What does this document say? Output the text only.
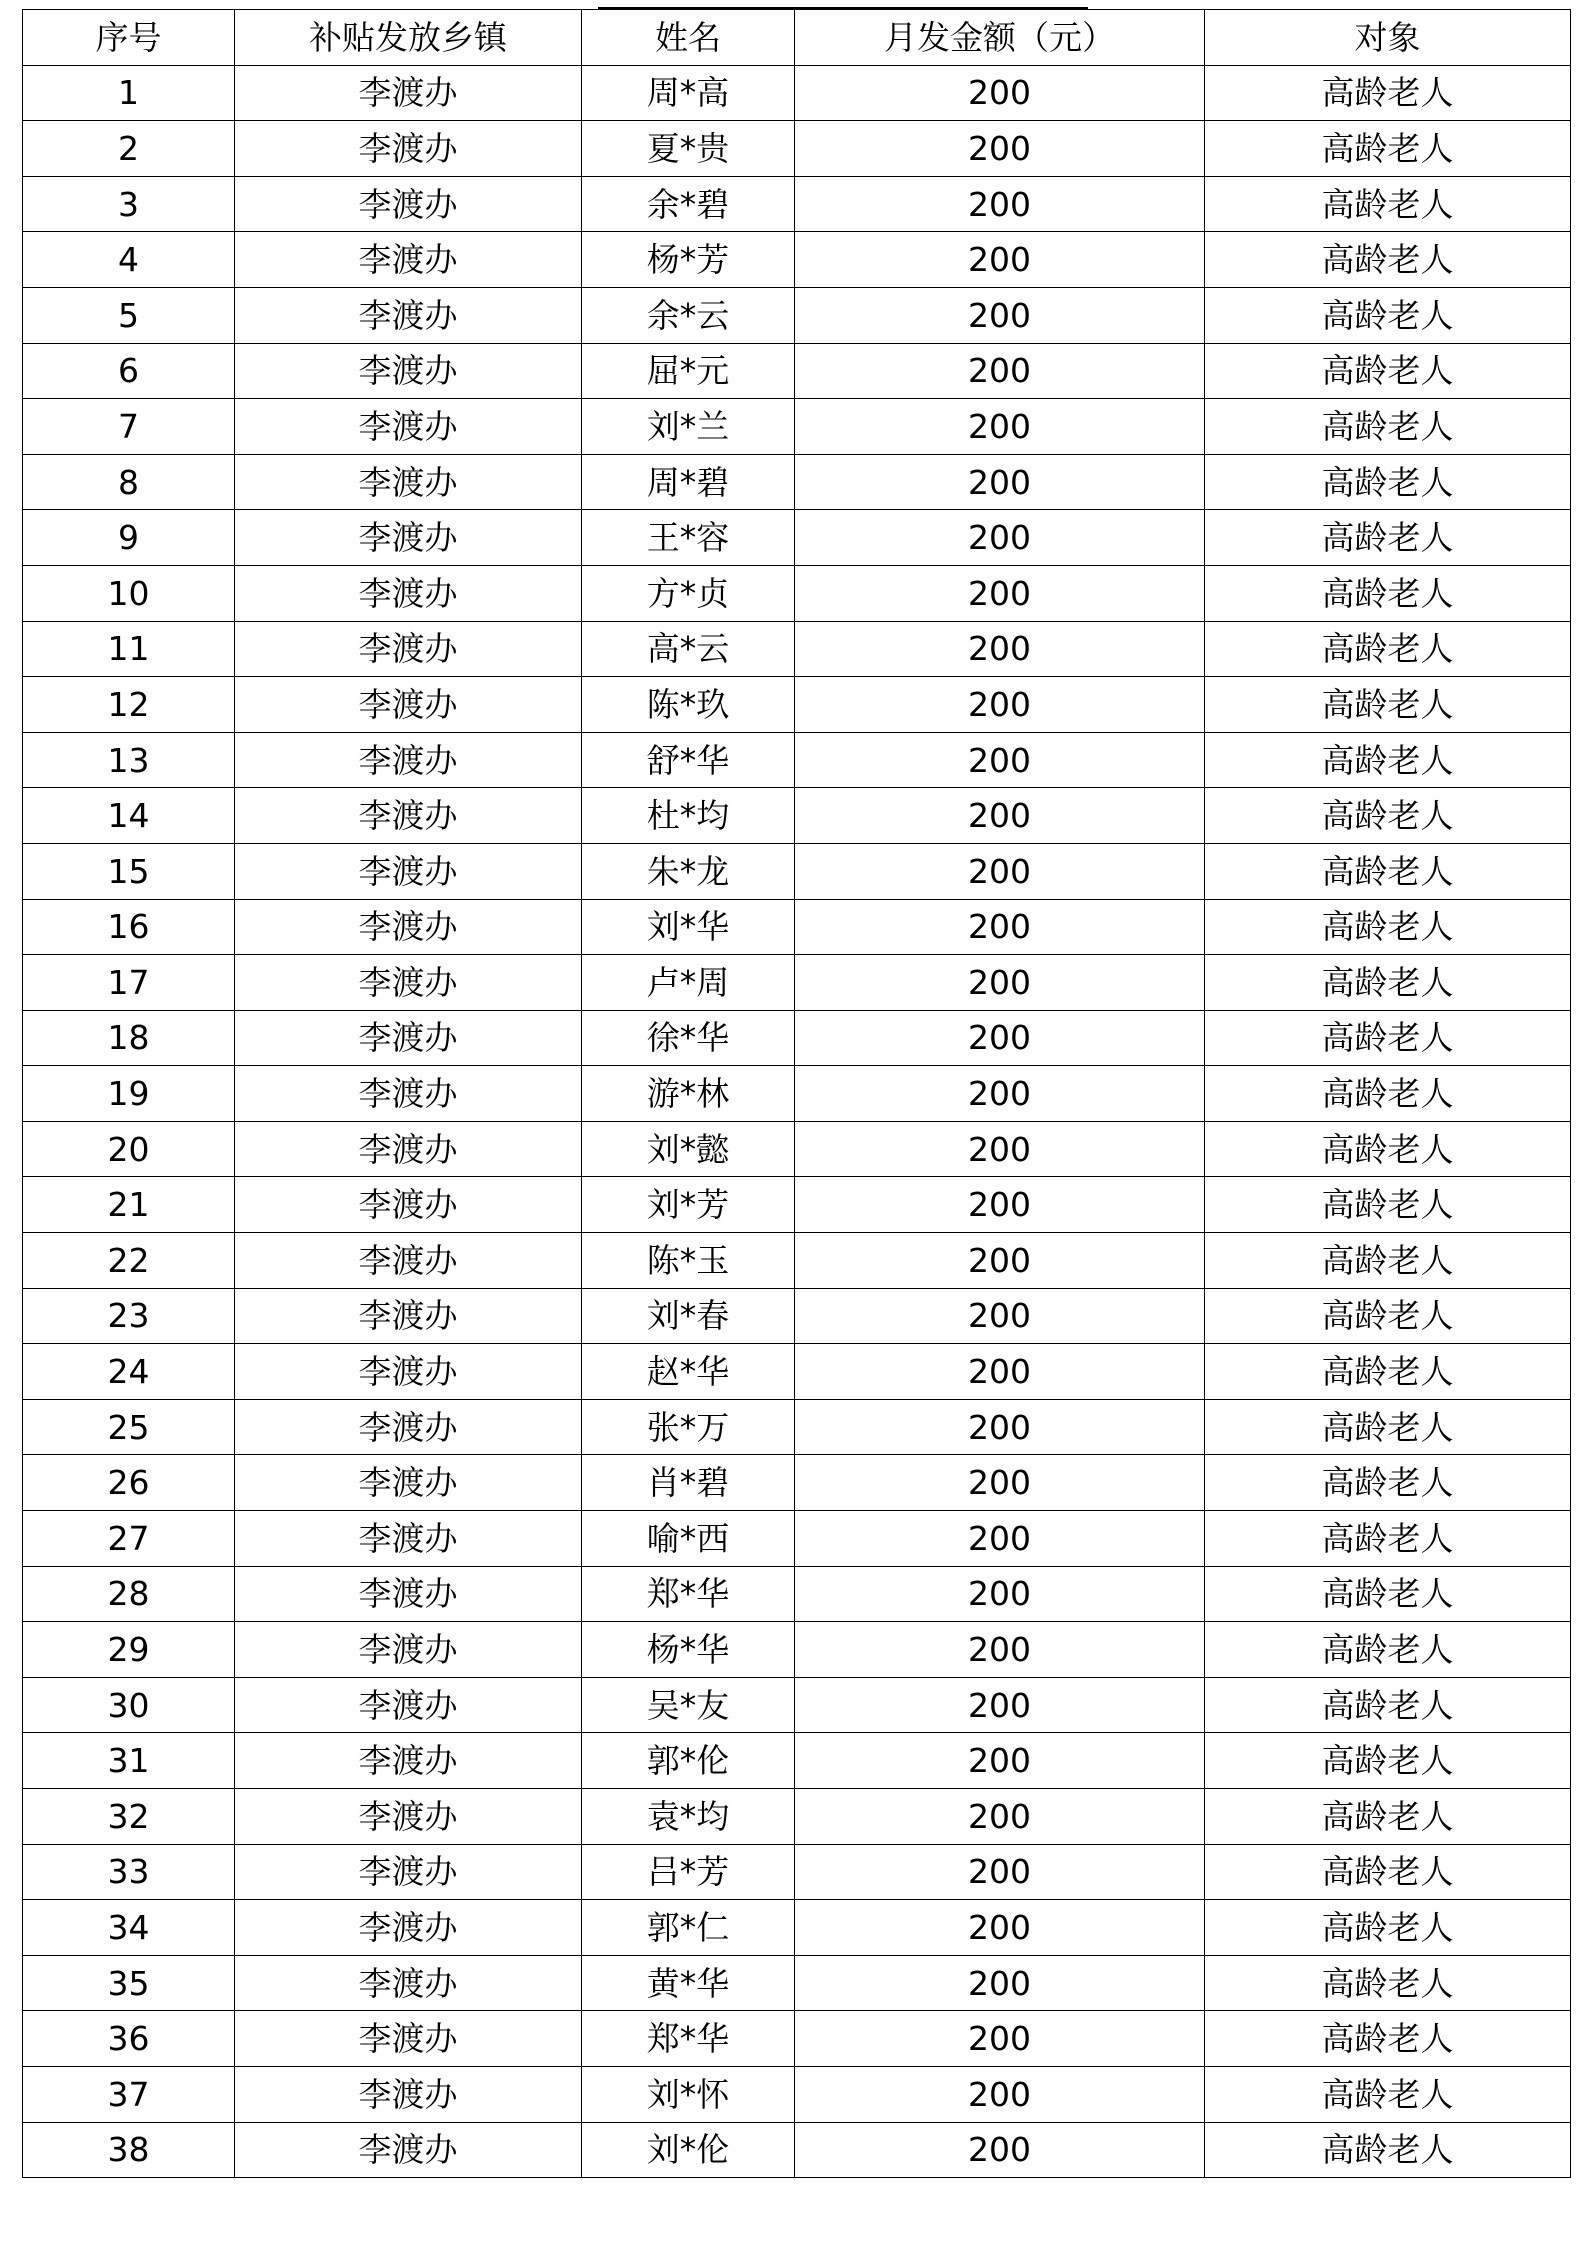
序号	补贴发放乡镇	姓名	月发金额（元）	对象
1	李渡办	周*高	200	高龄老人
2	李渡办	夏*贵	200	高龄老人
3	李渡办	余*碧	200	高龄老人
4	李渡办	杨*芳	200	高龄老人
5	李渡办	余*云	200	高龄老人
6	李渡办	屈*元	200	高龄老人
7	李渡办	刘*兰	200	高龄老人
8	李渡办	周*碧	200	高龄老人
9	李渡办	王*容	200	高龄老人
10	李渡办	方*贞	200	高龄老人
11	李渡办	高*云	200	高龄老人
12	李渡办	陈*玖	200	高龄老人
13	李渡办	舒*华	200	高龄老人
14	李渡办	杜*均	200	高龄老人
15	李渡办	朱*龙	200	高龄老人
16	李渡办	刘*华	200	高龄老人
17	李渡办	卢*周	200	高龄老人
18	李渡办	徐*华	200	高龄老人
19	李渡办	游*林	200	高龄老人
20	李渡办	刘*懿	200	高龄老人
21	李渡办	刘*芳	200	高龄老人
22	李渡办	陈*玉	200	高龄老人
23	李渡办	刘*春	200	高龄老人
24	李渡办	赵*华	200	高龄老人
25	李渡办	张*万	200	高龄老人
26	李渡办	肖*碧	200	高龄老人
27	李渡办	喻*西	200	高龄老人
28	李渡办	郑*华	200	高龄老人
29	李渡办	杨*华	200	高龄老人
30	李渡办	吴*友	200	高龄老人
31	李渡办	郭*伦	200	高龄老人
32	李渡办	袁*均	200	高龄老人
33	李渡办	吕*芳	200	高龄老人
34	李渡办	郭*仁	200	高龄老人
35	李渡办	黄*华	200	高龄老人
36	李渡办	郑*华	200	高龄老人
37	李渡办	刘*怀	200	高龄老人
38	李渡办	刘*伦	200	高龄老人
